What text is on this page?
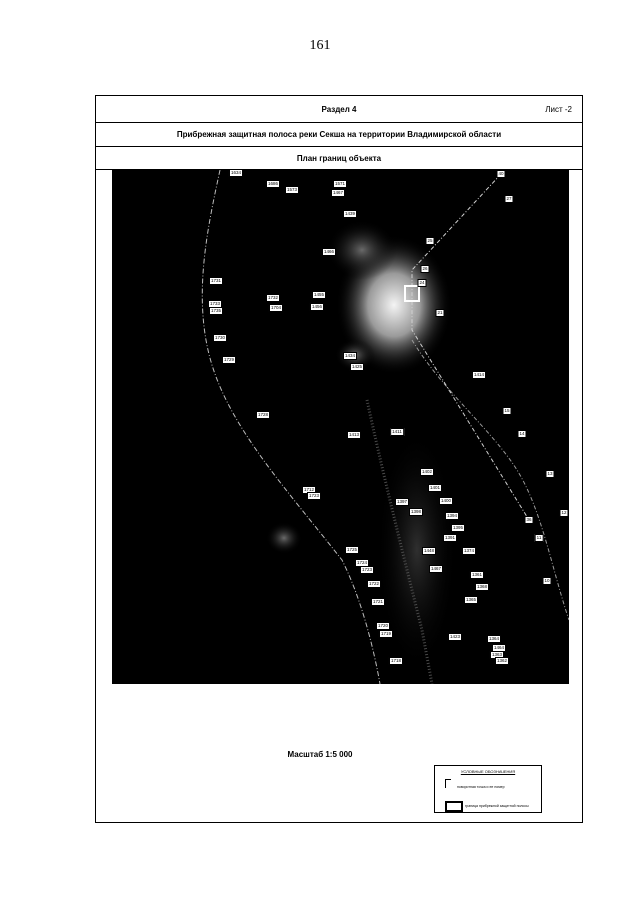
161
Раздел 4	Лист -2
Прибрежная защитная полоса реки Секша на территории Владимирской области
План границ объекта
1634
1686
1573
1571
1467
40
27
1439
25
1466
26
24
21
1731
1733
1735
1732
1704
1455
1456
1730
1729
1434
1425
1728
1414
15
1413
1411	14
1402
1401
13
1712
1723
1397
1398
1400
1394
12
36
1395
1391	11
1725	1448	1374
1724
1723	1467
1361
10
1722
1368
1365
1721
1720
1719
1423	1364
1464
1363
1362
1718
Масштаб 1:5 000
УСЛОВНЫЕ ОБОЗНАЧЕНИЯ
поворотная точка и ее номер
граница прибрежной защитной полосы
